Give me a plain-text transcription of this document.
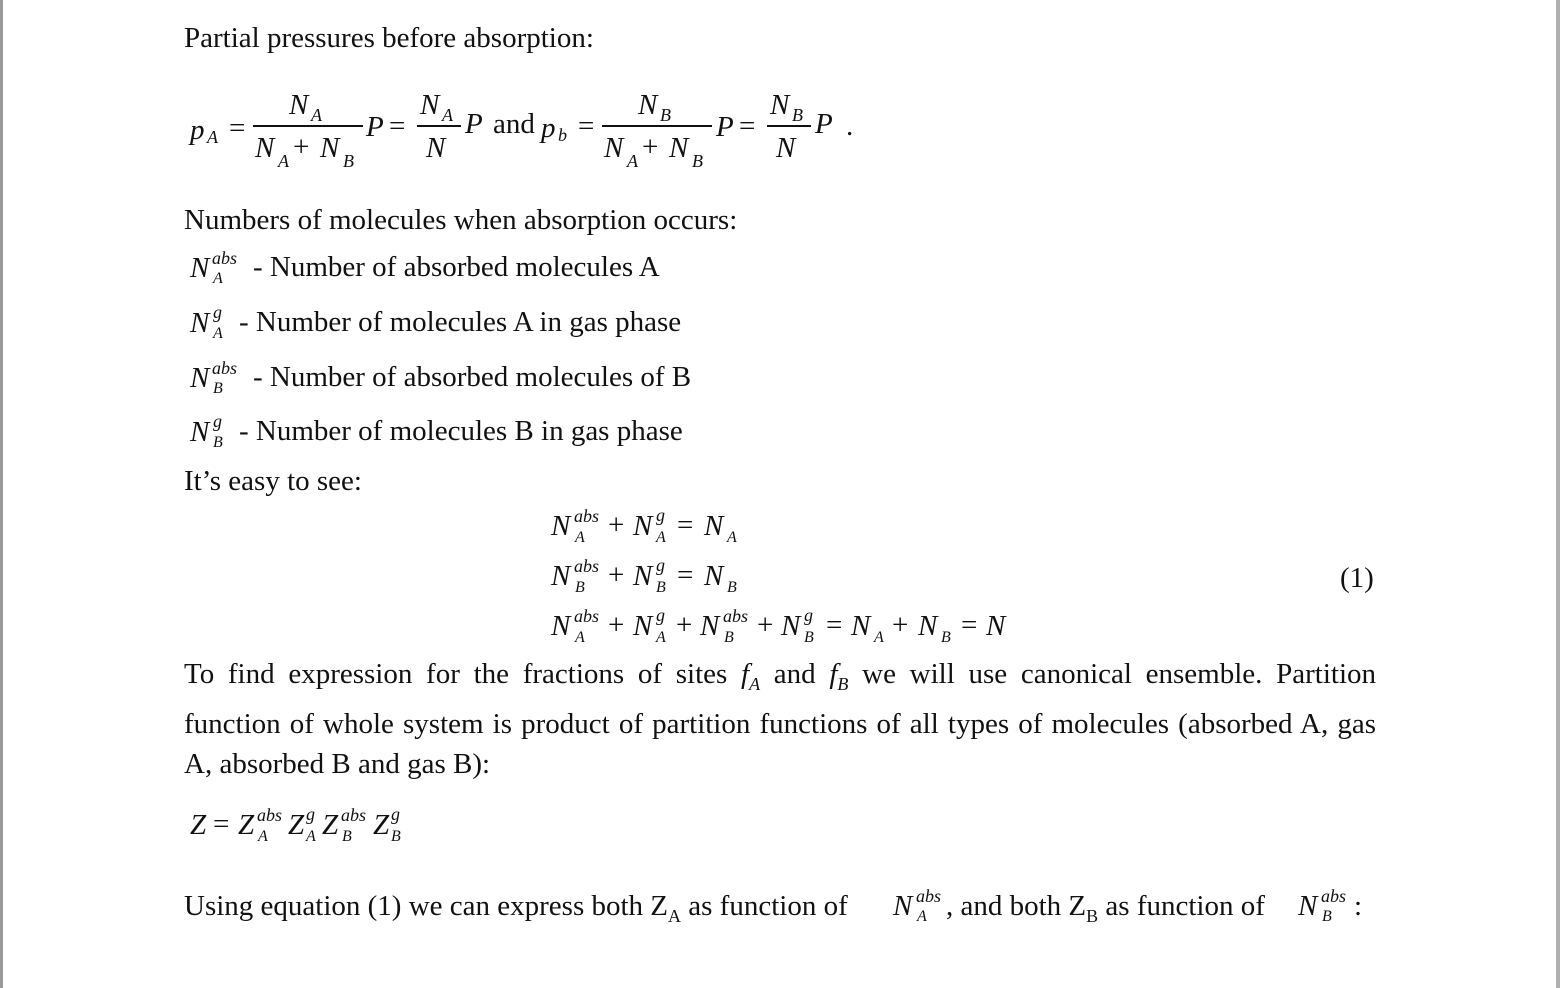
Partial pressures before absorption:
p A =
N A
N A + N B
P =
N A
N
P and p b =
N B
N A + N B
P =
N B
N
P .
Numbers of molecules when absorption occurs:
N abs
A - Number of absorbed molecules A
N g
A - Number of molecules A in gas phase
N abs
B - Number of absorbed molecules of B
N g
B - Number of molecules B in gas phase
It’s easy to see:
N abs
A + N g
A = N A
N abs
B + N g
B = N B	(1)
N abs
A + N g
A + N abs
B + N g
B = N A + N B = N
To find expression for the fractions of sites $f_A$ and $f_B$ we will use canonical ensemble. Partition function of whole system is product of partition functions of all types of molecules (absorbed A, gas A, absorbed B and gas B):
Z = Z abs
A Z g
A Z abs
B Z g
B
Using equation (1) we can express both $Z_A$ as function of N abs
A , and both $Z_B$ as function of N abs
B :
